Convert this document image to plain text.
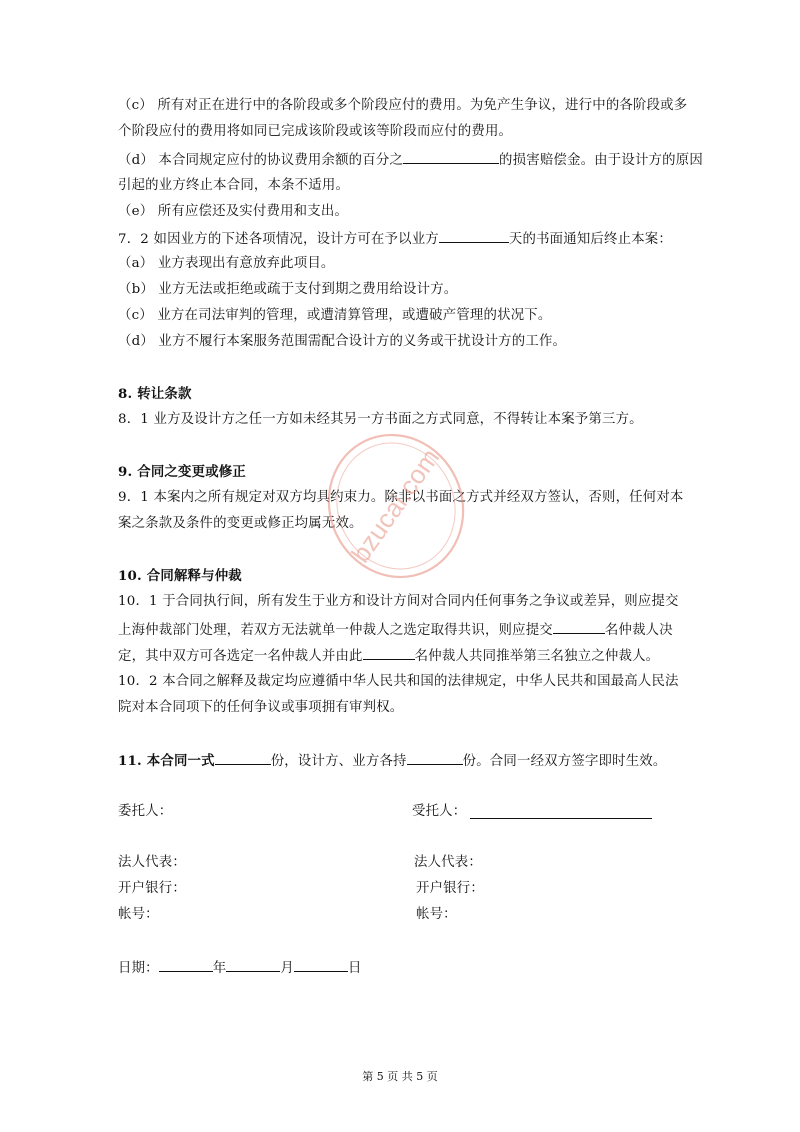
（c） 所有对正在进行中的各阶段或多个阶段应付的费用。为免产生争议，进行中的各阶段或多
个阶段应付的费用将如同已完成该阶段或该等阶段而应付的费用。
（d） 本合同规定应付的协议费用余额的百分之	的损害赔偿金。由于设计方的原因
引起的业方终止本合同，本条不适用。
（e） 所有应偿还及实付费用和支出。
7．2 如因业方的下述各项情况，设计方可在予以业方	天的书面通知后终止本案：
（a） 业方表现出有意放弃此项目。
（b） 业方无法或拒绝或疏于支付到期之费用给设计方。
（c） 业方在司法审判的管理，或遭清算管理，或遭破产管理的状况下。
（d） 业方不履行本案服务范围需配合设计方的义务或干扰设计方的工作。
8. 转让条款
8．1 业方及设计方之任一方如未经其另一方书面之方式同意，不得转让本案予第三方。
9. 合同之变更或修正
9．1 本案内之所有规定对双方均具约束力。除非以书面之方式并经双方签认，否则，任何对本
案之条款及条件的变更或修正均属无效。
10. 合同解释与仲裁
10．1 于合同执行间，所有发生于业方和设计方间对合同内任何事务之争议或差异，则应提交
上海仲裁部门处理，若双方无法就单一仲裁人之选定取得共识，则应提交	名仲裁人决
定，其中双方可各选定一名仲裁人并由此	名仲裁人共同推举第三名独立之仲裁人。
10．2 本合同之解释及裁定均应遵循中华人民共和国的法律规定，中华人民共和国最高人民法
院对本合同项下的任何争议或事项拥有审判权。
11. 本合同一式	份，设计方、业方各持	份。合同一经双方签字即时生效。
委托人：	受托人：
法人代表：	法人代表：
开户银行：	开户银行：
帐号：	帐号：
日期：	年	月	日
bzucai.com
第 5 页 共 5 页
